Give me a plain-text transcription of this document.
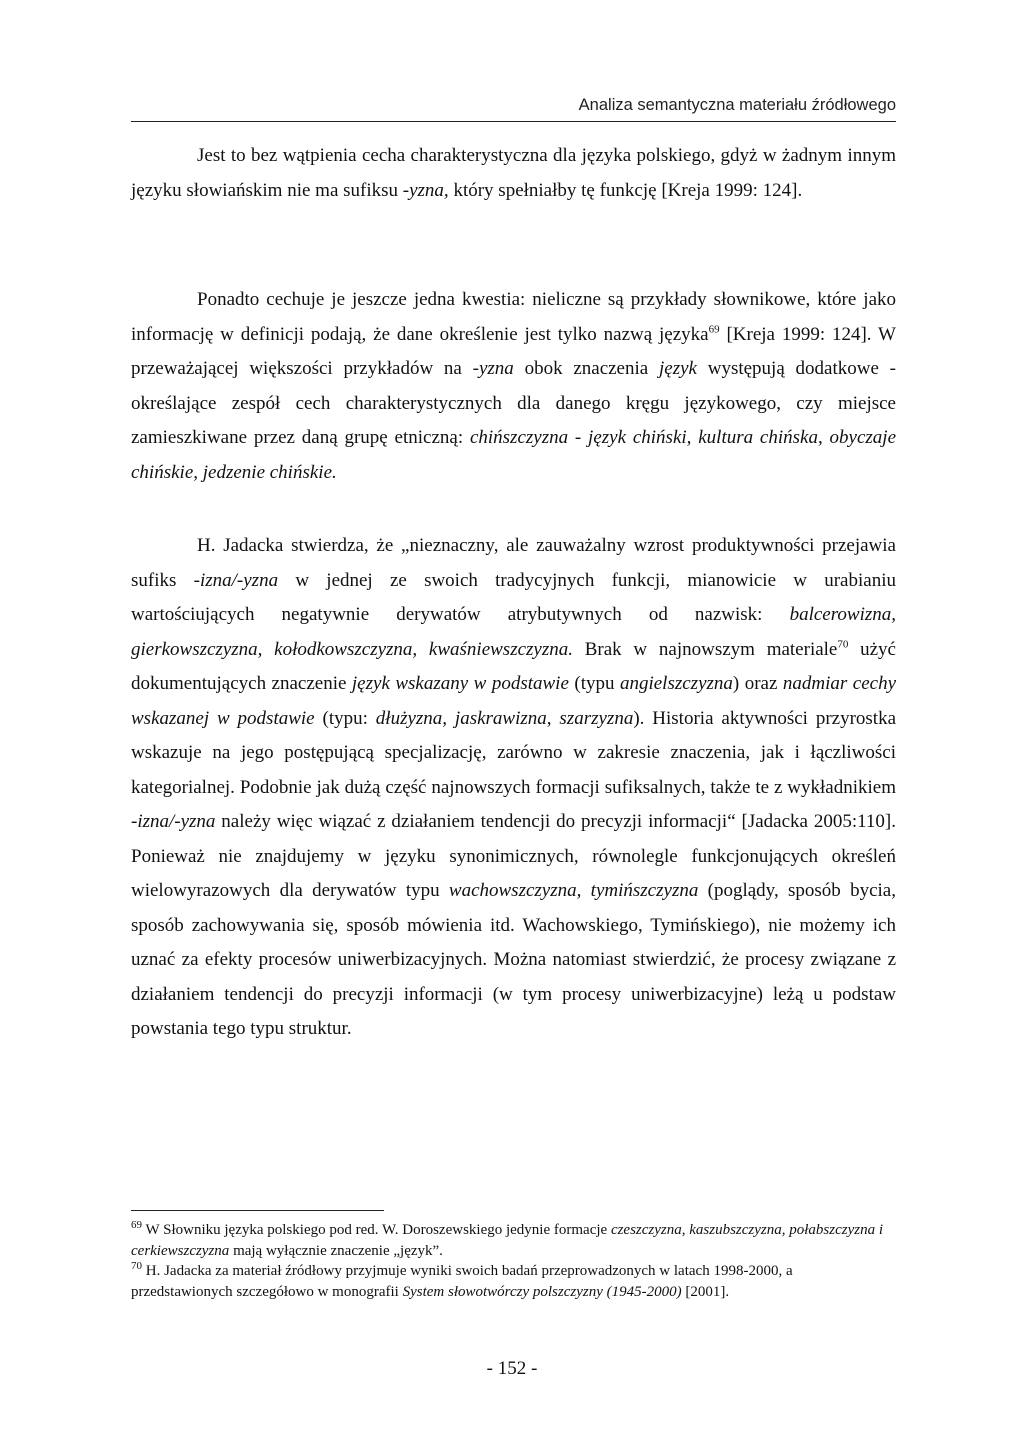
Analiza semantyczna materiału źródłowego

Jest to bez wątpienia cecha charakterystyczna dla języka polskiego, gdyż w żadnym innym języku słowiańskim nie ma sufiksu -yzna, który spełniałby tę funkcję [Kreja 1999: 124].

Ponadto cechuje je jeszcze jedna kwestia: nieliczne są przykłady słownikowe, które jako informację w definicji podają, że dane określenie jest tylko nazwą języka$^{69}$ [Kreja 1999: 124]. W przeważającej większości przykładów na -yzna obok znaczenia język występują dodatkowe - określające zespół cech charakterystycznych dla danego kręgu językowego, czy miejsce zamieszkiwane przez daną grupę etniczną: chińszczyzna - język chiński, kultura chińska, obyczaje chińskie, jedzenie chińskie.

H. Jadacka stwierdza, że „nieznaczny, ale zauważalny wzrost produktywności przejawia sufiks -izna/-yzna w jednej ze swoich tradycyjnych funkcji, mianowicie w urabianiu wartościujących negatywnie derywatów atrybutywnych od nazwisk: balcerowizna, gierkowszczyzna, kołodkowszczyzna, kwaśniewszczyzna. Brak w najnowszym materiale$^{70}$ użyć dokumentujących znaczenie język wskazany w podstawie (typu angielszczyzna) oraz nadmiar cechy wskazanej w podstawie (typu: dłużyzna, jaskrawizna, szarzyzna). Historia aktywności przyrostka wskazuje na jego postępującą specjalizację, zarówno w zakresie znaczenia, jak i łączliwości kategorialnej. Podobnie jak dużą część najnowszych formacji sufiksalnych, także te z wykładnikiem -izna/-yzna należy więc wiązać z działaniem tendencji do precyzji informacji“ [Jadacka 2005:110]. Ponieważ nie znajdujemy w języku synonimicznych, równolegle funkcjonujących określeń wielowyrazowych dla derywatów typu wachowszczyzna, tymińszczyzna (poglądy, sposób bycia, sposób zachowywania się, sposób mówienia itd. Wachowskiego, Tymińskiego), nie możemy ich uznać za efekty procesów uniwerbizacyjnych. Można natomiast stwierdzić, że procesy związane z działaniem tendencji do precyzji informacji (w tym procesy uniwerbizacyjne) leżą u podstaw powstania tego typu struktur.

$^{69}$ W Słowniku języka polskiego pod red. W. Doroszewskiego jedynie formacje czeszczyzna, kaszubszczyzna, połabszczyzna i cerkiewszczyzna mają wyłącznie znaczenie „język”.

$^{70}$ H. Jadacka za materiał źródłowy przyjmuje wyniki swoich badań przeprowadzonych w latach 1998-2000, a przedstawionych szczegółowo w monografii System słowotwórczy polszczyzny (1945-2000) [2001].

- 152 -
